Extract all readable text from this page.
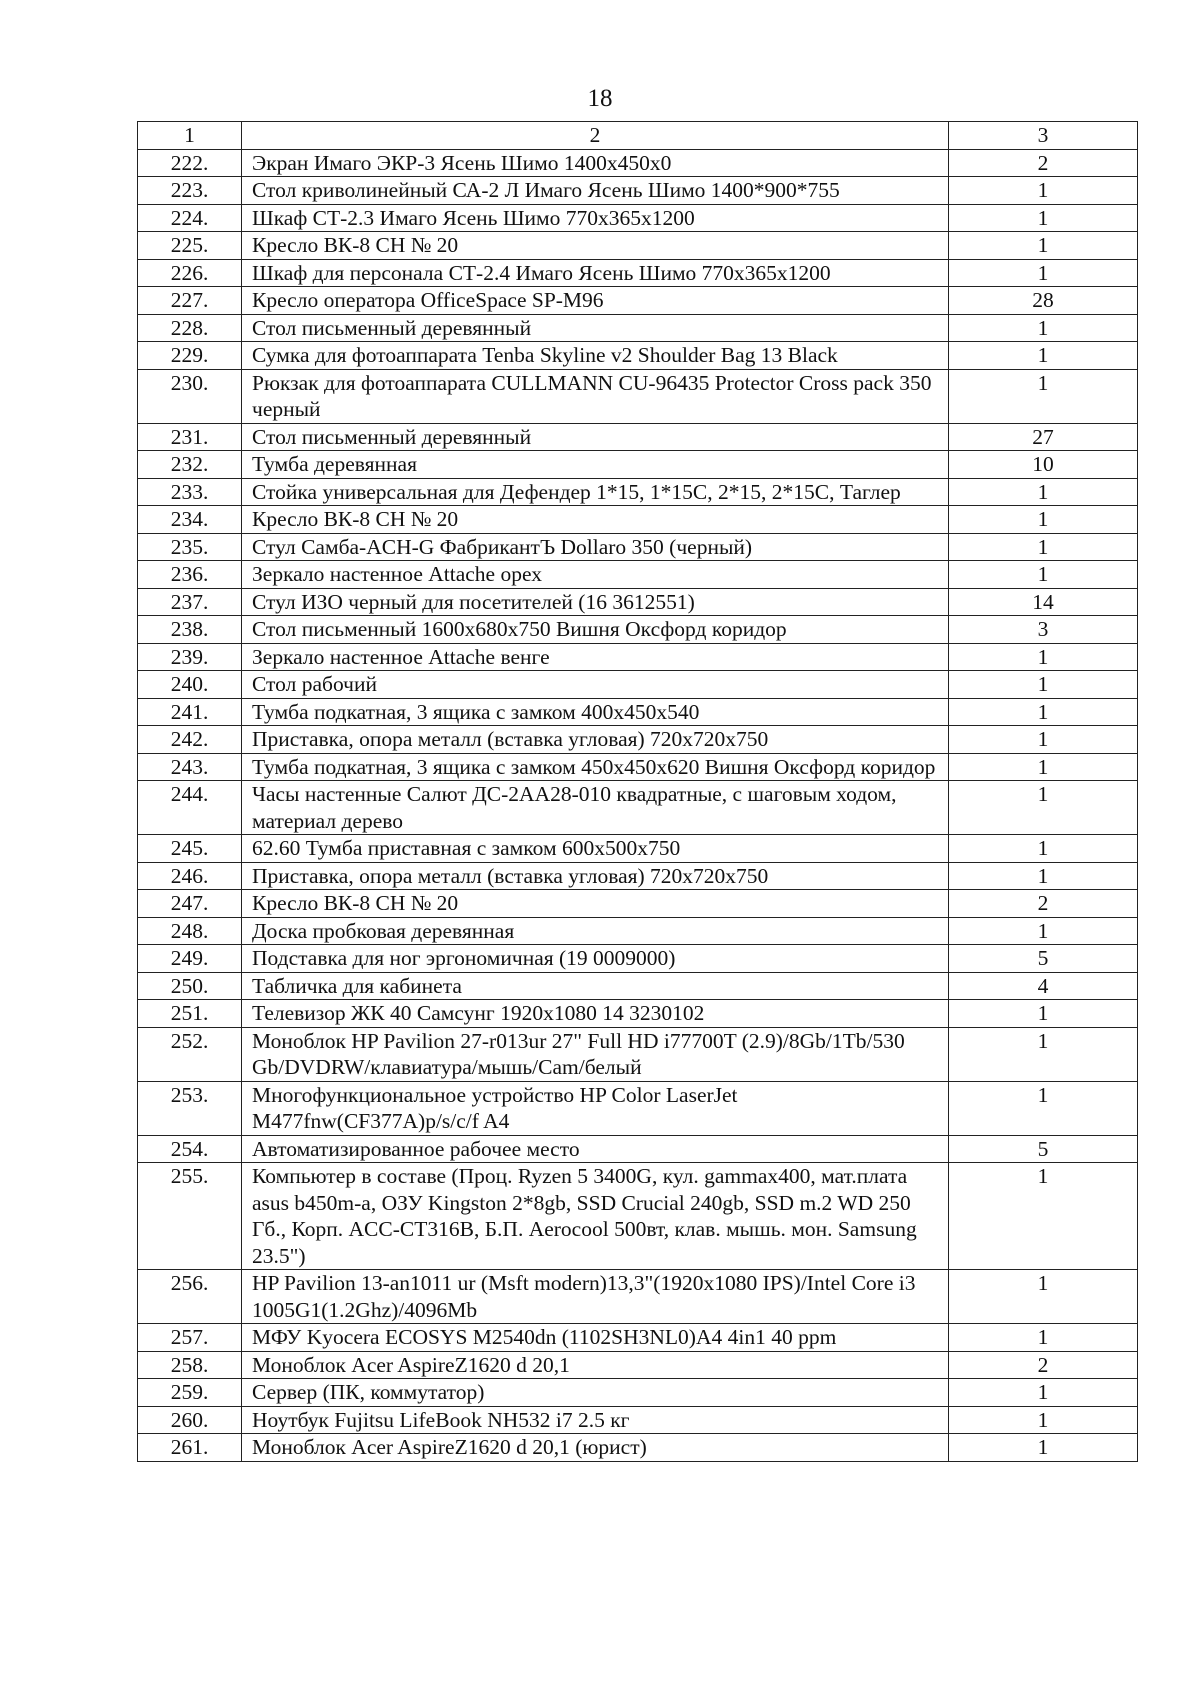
18
1	2	3
222.	Экран Имаго ЭКР-3 Ясень Шимо 1400х450х0	2
223.	Стол криволинейный СА-2 Л Имаго Ясень Шимо 1400*900*755	1
224.	Шкаф СТ-2.3 Имаго Ясень Шимо 770х365х1200	1
225.	Кресло ВК-8 СН № 20	1
226.	Шкаф для персонала СТ-2.4 Имаго Ясень Шимо 770х365х1200	1
227.	Кресло оператора OfficeSpace SP-M96	28
228.	Стол письменный деревянный	1
229.	Сумка для фотоаппарата Tenba Skyline v2 Shoulder Bag 13 Black	1
230.	Рюкзак для фотоаппарата CULLMANN CU-96435 Protector Cross pack 350 черный	1
231.	Стол письменный деревянный	27
232.	Тумба деревянная	10
233.	Стойка универсальная для Дефендер 1*15, 1*15С, 2*15, 2*15С, Таглер	1
234.	Кресло ВК-8 СН № 20	1
235.	Стул Самба-ACH-G ФабрикантЪ Dollaro 350 (черный)	1
236.	Зеркало настенное Attache орех	1
237.	Стул ИЗО черный для посетителей (16 3612551)	14
238.	Стол письменный 1600х680х750 Вишня Оксфорд коридор	3
239.	Зеркало настенное Attache венге	1
240.	Стол рабочий	1
241.	Тумба подкатная, 3 ящика с замком 400х450х540	1
242.	Приставка, опора металл (вставка угловая) 720х720х750	1
243.	Тумба подкатная, 3 ящика с замком 450х450х620 Вишня Оксфорд коридор	1
244.	Часы настенные Салют ДС-2АА28-010 квадратные, с шаговым ходом, материал дерево	1
245.	62.60 Тумба приставная с замком 600х500х750	1
246.	Приставка, опора металл (вставка угловая) 720х720х750	1
247.	Кресло ВК-8 СН № 20	2
248.	Доска пробковая деревянная	1
249.	Подставка для ног эргономичная (19 0009000)	5
250.	Табличка для кабинета	4
251.	Телевизор ЖК 40 Самсунг 1920х1080 14 3230102	1
252.	Моноблок HP Pavilion 27-r013ur 27" Full HD i77700T (2.9)/8Gb/1Tb/530 Gb/DVDRW/клавиатура/мышь/Cam/белый	1
253.	Многофункциональное устройство HP Color LaserJet M477fnw(CF377A)p/s/c/f A4	1
254.	Автоматизированное рабочее место	5
255.	Компьютер в составе (Проц. Ryzen 5 3400G, кул. gammax400, мат.плата asus b450m-a, ОЗУ Kingston 2*8gb, SSD Crucial 240gb, SSD m.2 WD 250 Гб., Корп. ACC-CT316B, Б.П. Aerocool 500вт, клав. мышь. мон. Samsung 23.5")	1
256.	HP Pavilion 13-an1011 ur (Msft modern)13,3"(1920x1080 IPS)/Intel Core i3 1005G1(1.2Ghz)/4096Mb	1
257.	МФУ Kyocera ECOSYS M2540dn (1102SH3NL0)A4 4in1 40 ppm	1
258.	Моноблок Acer AspireZ1620 d 20,1	2
259.	Сервер (ПК, коммутатор)	1
260.	Ноутбук Fujitsu LifeBook NH532 i7 2.5 кг	1
261.	Моноблок Acer AspireZ1620 d 20,1 (юрист)	1
